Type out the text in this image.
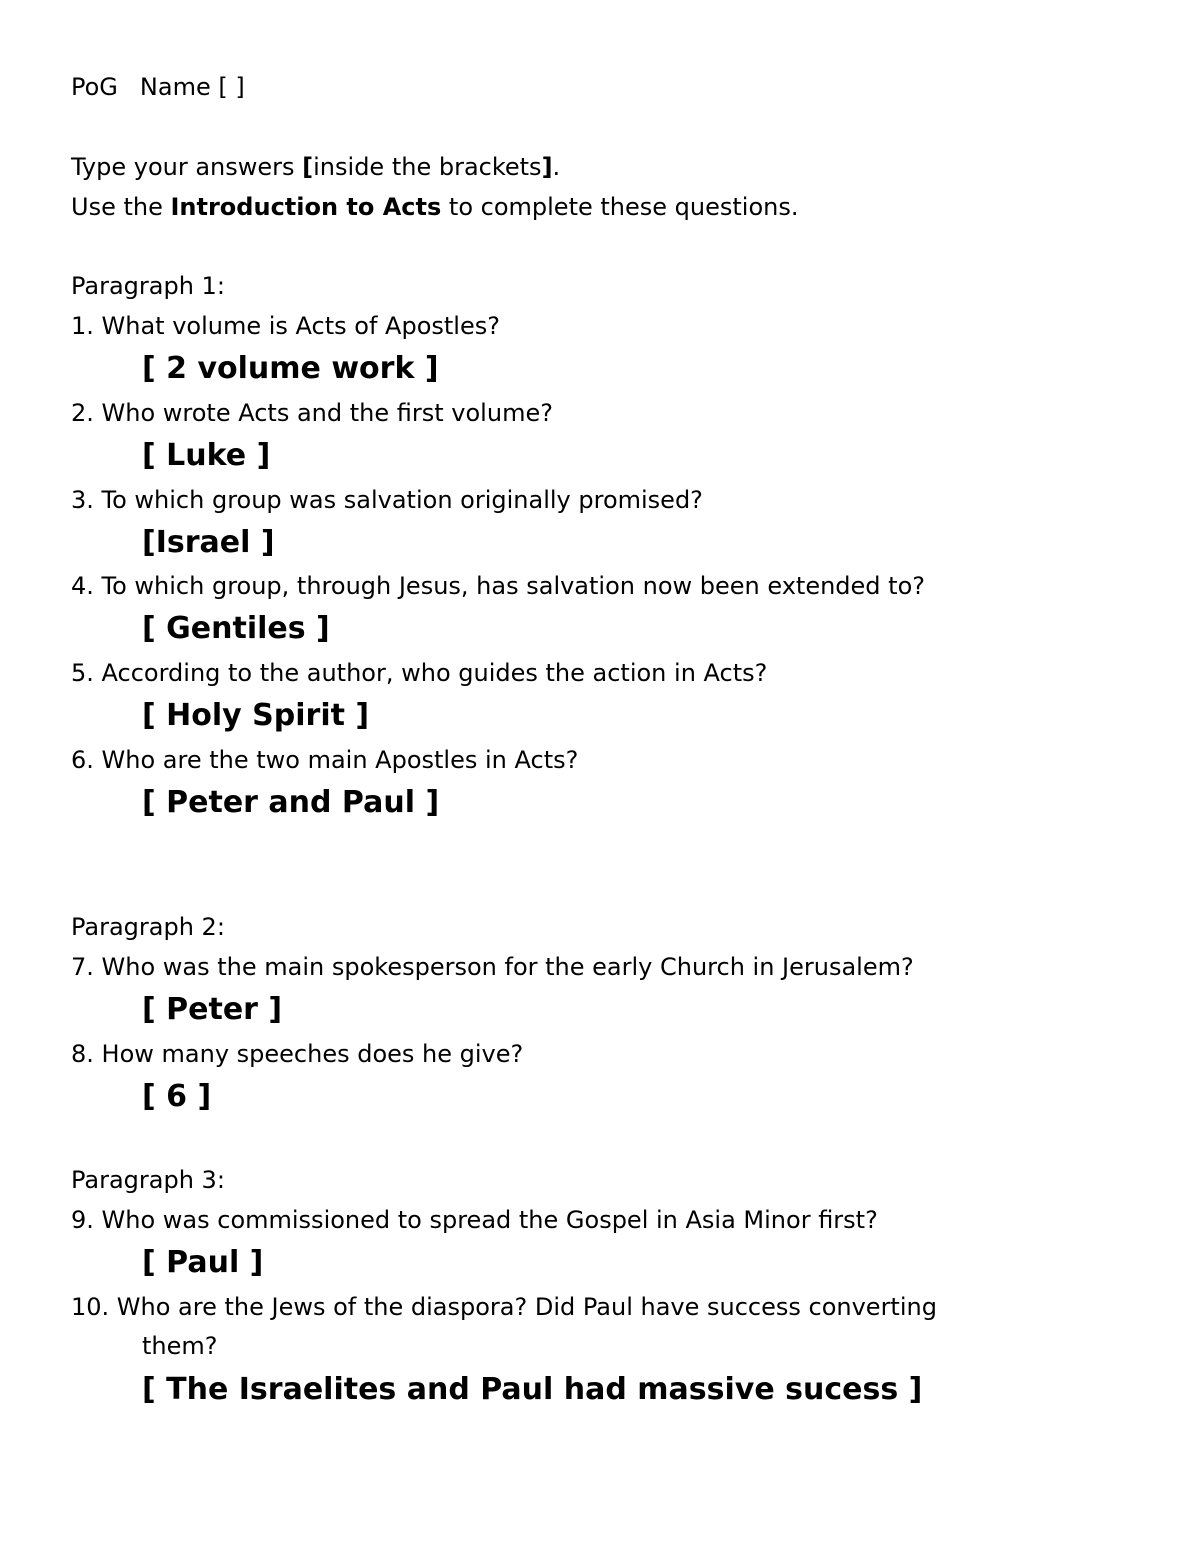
PoG Name [ ]
Type your answers [inside the brackets].
Use the Introduction to Acts to complete these questions.
Paragraph 1:
1. What volume is Acts of Apostles?
[ 2 volume work ]
2. Who wrote Acts and the first volume?
[ Luke ]
3. To which group was salvation originally promised?
[Israel ]
4. To which group, through Jesus, has salvation now been extended to?
[ Gentiles ]
5. According to the author, who guides the action in Acts?
[ Holy Spirit ]
6. Who are the two main Apostles in Acts?
[ Peter and Paul ]
Paragraph 2:
7. Who was the main spokesperson for the early Church in Jerusalem?
[ Peter ]
8. How many speeches does he give?
[ 6 ]
Paragraph 3:
9. Who was commissioned to spread the Gospel in Asia Minor first?
[ Paul ]
10. Who are the Jews of the diaspora? Did Paul have success converting
them?
[ The Israelites and Paul had massive sucess ]
